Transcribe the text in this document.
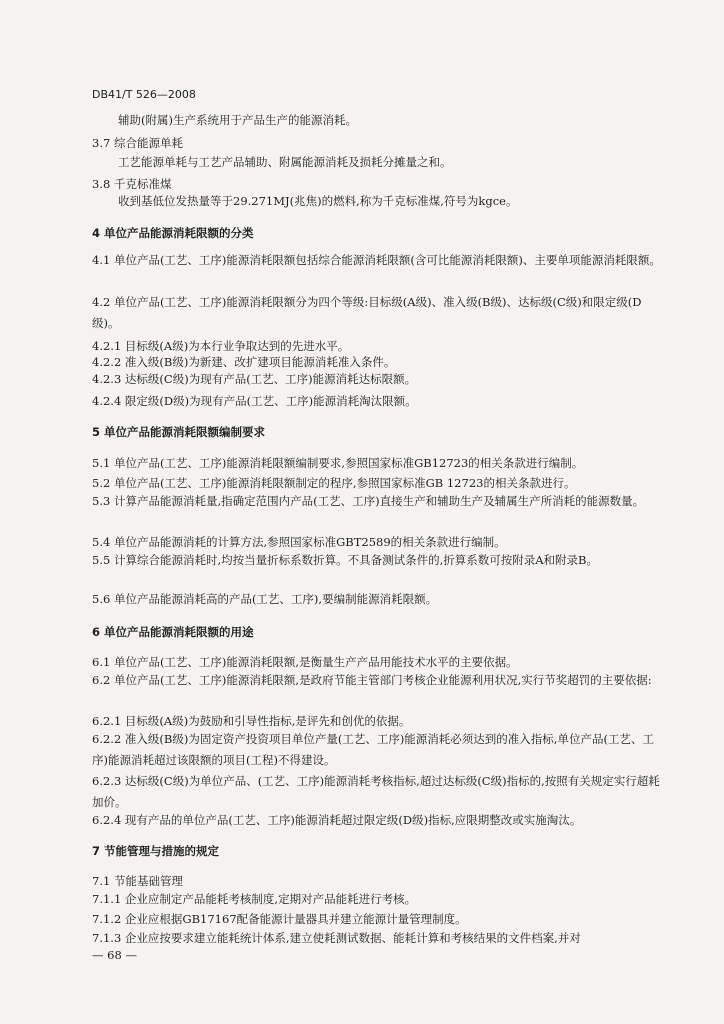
DB41/T 526—2008
辅助(附属)生产系统用于产品生产的能源消耗。
3.7 综合能源单耗
工艺能源单耗与工艺产品辅助、附属能源消耗及损耗分摊量之和。
3.8 千克标准煤
收到基低位发热量等于29.271MJ(兆焦)的燃料,称为千克标准煤,符号为kgce。
4 单位产品能源消耗限额的分类
4.1 单位产品(工艺、工序)能源消耗限额包括综合能源消耗限额(含可比能源消耗限额)、主要单项能源消耗限额。
4.2 单位产品(工艺、工序)能源消耗限额分为四个等级:目标级(A级)、准入级(B级)、达标级(C级)和限定级(D级)。
4.2.1 目标级(A级)为本行业争取达到的先进水平。
4.2.2 准入级(B级)为新建、改扩建项目能源消耗准入条件。
4.2.3 达标级(C级)为现有产品(工艺、工序)能源消耗达标限额。
4.2.4 限定级(D级)为现有产品(工艺、工序)能源消耗淘汰限额。
5 单位产品能源消耗限额编制要求
5.1 单位产品(工艺、工序)能源消耗限额编制要求,参照国家标准GB12723的相关条款进行编制。
5.2 单位产品(工艺、工序)能源消耗限额制定的程序,参照国家标准GB 12723的相关条款进行。
5.3 计算产品能源消耗量,指确定范围内产品(工艺、工序)直接生产和辅助生产及辅属生产所消耗的能源数量。
5.4 单位产品能源消耗的计算方法,参照国家标准GBT2589的相关条款进行编制。
5.5 计算综合能源消耗时,均按当量折标系数折算。不具备测试条件的,折算系数可按附录A和附录B。
5.6 单位产品能源消耗高的产品(工艺、工序),要编制能源消耗限额。
6 单位产品能源消耗限额的用途
6.1 单位产品(工艺、工序)能源消耗限额,是衡量生产产品用能技术水平的主要依据。
6.2 单位产品(工艺、工序)能源消耗限额,是政府节能主管部门考核企业能源利用状况,实行节奖超罚的主要依据:
6.2.1 目标级(A级)为鼓励和引导性指标,是评先和创优的依据。
6.2.2 准入级(B级)为固定资产投资项目单位产量(工艺、工序)能源消耗必须达到的准入指标,单位产品(工艺、工序)能源消耗超过该限额的项目(工程)不得建设。
6.2.3 达标级(C级)为单位产品、(工艺、工序)能源消耗考核指标,超过达标级(C级)指标的,按照有关规定实行超耗加价。
6.2.4 现有产品的单位产品(工艺、工序)能源消耗超过限定级(D级)指标,应限期整改或实施淘汰。
7 节能管理与措施的规定
7.1 节能基础管理
7.1.1 企业应制定产品能耗考核制度,定期对产品能耗进行考核。
7.1.2 企业应根据GB17167配备能源计量器具并建立能源计量管理制度。
7.1.3 企业应按要求建立能耗统计体系,建立使耗测试数据、能耗计算和考核结果的文件档案,并对
— 68 —
